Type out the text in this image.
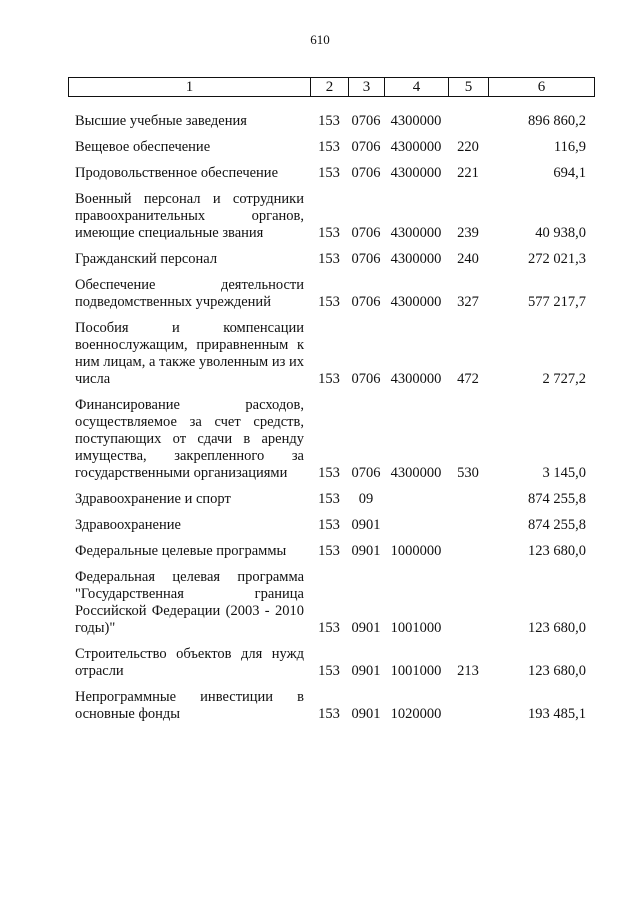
610
1	2	3	4	5	6
Высшие учебные заведения	153	0706	4300000		896 860,2

Вещевое обеспечение	153	0706	4300000	220	116,9

Продовольственное обеспечение	153	0706	4300000	221	694,1

Военный персонал и сотрудники правоохранительных органов, имеющие специальные звания	153	0706	4300000	239	40 938,0

Гражданский персонал	153	0706	4300000	240	272 021,3

Обеспечение деятельности подведомственных учреждений	153	0706	4300000	327	577 217,7

Пособия и компенсации военнослужащим, приравненным к ним лицам, а также уволенным из их числа	153	0706	4300000	472	2 727,2

Финансирование расходов, осуществляемое за счет средств, поступающих от сдачи в аренду имущества, закрепленного за государственными организациями	153	0706	4300000	530	3 145,0

Здравоохранение и спорт	153	09			874 255,8

Здравоохранение	153	0901			874 255,8

Федеральные целевые программы	153	0901	1000000		123 680,0

Федеральная целевая программа "Государственная граница Российской Федерации (2003 - 2010 годы)"	153	0901	1001000		123 680,0

Строительство объектов для нужд отрасли	153	0901	1001000	213	123 680,0

Непрограммные инвестиции в основные фонды	153	0901	1020000		193 485,1
